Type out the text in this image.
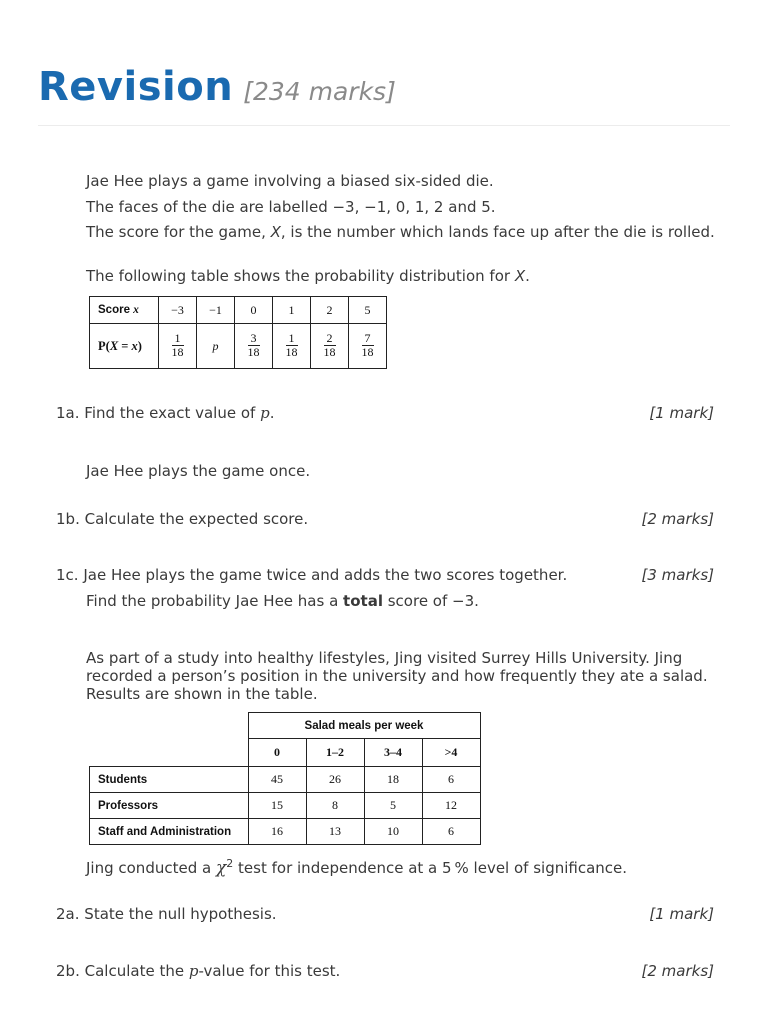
Revision [234 marks]
Jae Hee plays a game involving a biased six-sided die.
The faces of the die are labelled −3, −1, 0, 1, 2 and 5.
The score for the game, X, is the number which lands face up after the die is rolled.
The following table shows the probability distribution for X.
Score x	−3	−1	0	1	2	5
P(X = x)	$\frac{1}{18}$	p	$\frac{3}{18}$	$\frac{1}{18}$	$\frac{2}{18}$	$\frac{7}{18}$
1a. Find the exact value of p.	[1 mark]
Jae Hee plays the game once.
1b. Calculate the expected score.	[2 marks]
1c. Jae Hee plays the game twice and adds the two scores together.	[3 marks]
Find the probability Jae Hee has a total score of −3.
As part of a study into healthy lifestyles, Jing visited Surrey Hills University. Jing recorded a person’s position in the university and how frequently they ate a salad. Results are shown in the table.
	Salad meals per week			
	0	1–2	3–4	>4
Students	45	26	18	6
Professors	15	8	5	12
Staff and Administration	16	13	10	6
Jing conducted a $\chi^2$ test for independence at a 5 % level of significance.
2a. State the null hypothesis.	[1 mark]
2b. Calculate the p-value for this test.	[2 marks]
